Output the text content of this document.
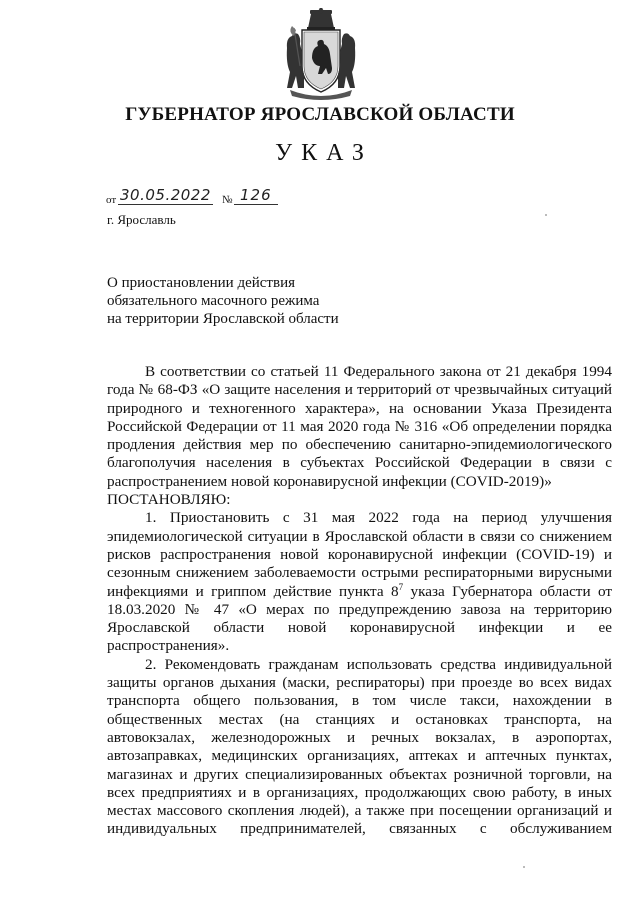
ГУБЕРНАТОР ЯРОСЛАВСКОЙ ОБЛАСТИ
УКАЗ
от 30.05.2022 № 126
г. Ярославль
О приостановлении действия
обязательного масочного режима
на территории Ярославской области

В соответствии со статьей 11 Федерального закона от 21 декабря 1994 года № 68-ФЗ «О защите населения и территорий от чрезвычайных ситуаций природного и техногенного характера», на основании Указа Президента Российской Федерации от 11 мая 2020 года № 316 «Об определении порядка продления действия мер по обеспечению санитарно-эпидемиологического благополучия населения в субъектах Российской Федерации в связи с распространением новой коронавирусной инфекции (COVID-2019)»

ПОСТАНОВЛЯЮ:

1. Приостановить с 31 мая 2022 года на период улучшения эпидемиологической ситуации в Ярославской области в связи со снижением рисков распространения новой коронавирусной инфекции (COVID-19) и сезонным снижением заболеваемости острыми респираторными вирусными инфекциями и гриппом действие пункта $8^7$ указа Губернатора области от 18.03.2020 № 47 «О мерах по предупреждению завоза на территорию Ярославской области новой коронавирусной инфекции и ее распространения».

2. Рекомендовать гражданам использовать средства индивидуальной защиты органов дыхания (маски, респираторы) при проезде во всех видах транспорта общего пользования, в том числе такси, нахождении в общественных местах (на станциях и остановках транспорта, на автовокзалах, железнодорожных и речных вокзалах, в аэропортах, автозаправках, медицинских организациях, аптеках и аптечных пунктах, магазинах и других специализированных объектах розничной торговли, на всех предприятиях и в организациях, продолжающих свою работу, в иных местах массового скопления людей), а также при посещении организаций и индивидуальных предпринимателей, связанных с обслуживанием
